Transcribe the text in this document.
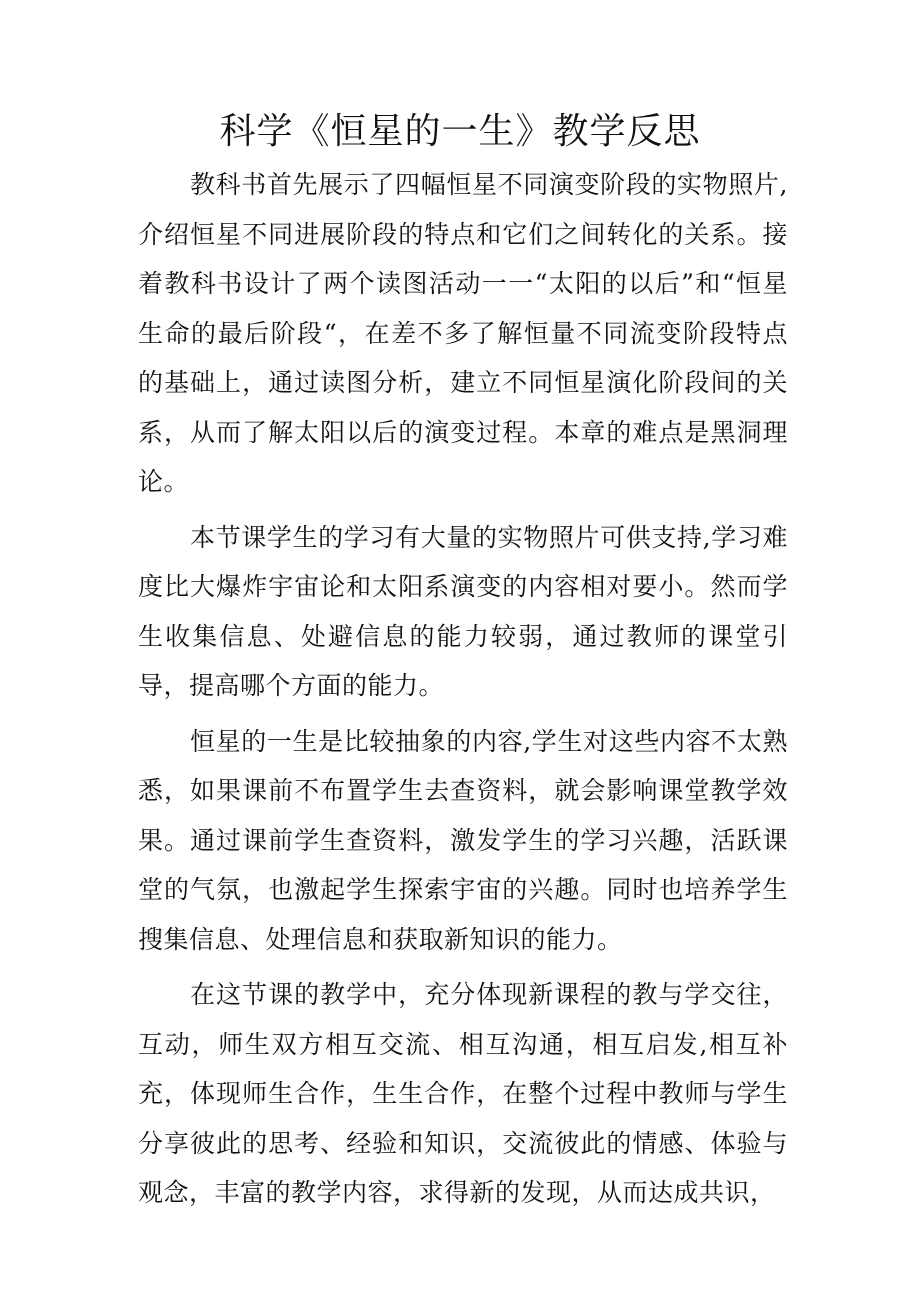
科学《恒星的一生》教学反思

教科书首先展示了四幅恒星不同演变阶段的实物照片,介绍恒星不同进展阶段的特点和它们之间转化的关系。接着教科书设计了两个读图活动一一“太阳的以后”和“恒星生命的最后阶段“，在差不多了解恒量不同流变阶段特点的基础上，通过读图分析，建立不同恒星演化阶段间的关系，从而了解太阳以后的演变过程。本章的难点是黑洞理论。

本节课学生的学习有大量的实物照片可供支持,学习难度比大爆炸宇宙论和太阳系演变的内容相对要小。然而学生收集信息、处避信息的能力较弱，通过教师的课堂引导，提高哪个方面的能力。

恒星的一生是比较抽象的内容,学生对这些内容不太熟悉，如果课前不布置学生去查资料，就会影响课堂教学效果。通过课前学生查资料，激发学生的学习兴趣，活跃课堂的气氛，也激起学生探索宇宙的兴趣。同时也培养学生搜集信息、处理信息和获取新知识的能力。

在这节课的教学中，充分体现新课程的教与学交往，互动，师生双方相互交流、相互沟通，相互启发,相互补充，体现师生合作，生生合作，在整个过程中教师与学生分享彼此的思考、经验和知识，交流彼此的情感、体验与观念，丰富的教学内容，求得新的发现，从而达成共识，
